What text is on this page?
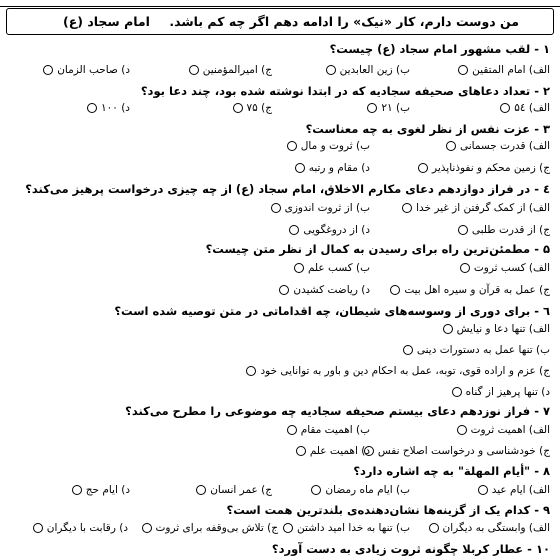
من دوست دارم، کار «نیک» را ادامه دهم اگر چه کم باشد.
امام سجاد (ع)
۱ - لقب مشهور امام سجاد (ع) چیست؟
الف) امام المتقین
ب) زین العابدین
ج) امیرالمؤمنین
د) صاحب الزمان
۲ - تعداد دعاهای صحیفه سجادیه که در ابتدا نوشته شده بود، چند دعا بود؟
الف) ۵٤
ب) ۲۱
ج) ۷۵
د) ۱۰۰
۳ - عزت نفس از نظر لغوی به چه معناست؟
الف) قدرت جسمانی
ب) ثروت و مال
ج) زمین محکم و نفوذناپذیر
د) مقام و رتبه
٤ - در فراز دوازدهم دعای مکارم الاخلاق، امام سجاد (ع) از چه چیزی درخواست پرهیز می‌کند؟
الف) از کمک گرفتن از غیر خدا
ب) از ثروت اندوزی
ج) از قدرت طلبی
د) از دروغگویی
۵ - مطمئن‌ترین راه برای رسیدن به کمال از نظر متن چیست؟
الف) کسب ثروت
ب) کسب علم
ج) عمل به قرآن و سیره اهل بیت
د) ریاضت کشیدن
٦ - برای دوری از وسوسه‌های شیطان، چه اقداماتی در متن توصیه شده است؟
الف) تنها دعا و نیایش
ب) تنها عمل به دستورات دینی
ج) عزم و اراده قوی، توبه، عمل به احکام دین و باور به توانایی خود
د) تنها پرهیز از گناه
۷ - فراز نوزدهم دعای بیستم صحیفه سجادیه چه موضوعی را مطرح می‌کند؟
الف) اهمیت ثروت
ب) اهمیت مقام
ج) خودشناسی و درخواست اصلاح نفس
د) اهمیت علم
۸ - "أیام المهلة" به چه اشاره دارد؟
الف) ایام عید
ب) ایام ماه رمضان
ج) عمر انسان
د) ایام حج
۹ - کدام یک از گزینه‌ها نشان‌دهنده‌ی بلندترین همت است؟
الف) وابستگی به دیگران
ب) تنها به خدا امید داشتن
ج) تلاش بی‌وقفه برای ثروت
د) رقابت با دیگران
۱۰ - عطار کربلا چگونه ثروت زیادی به دست آورد؟
